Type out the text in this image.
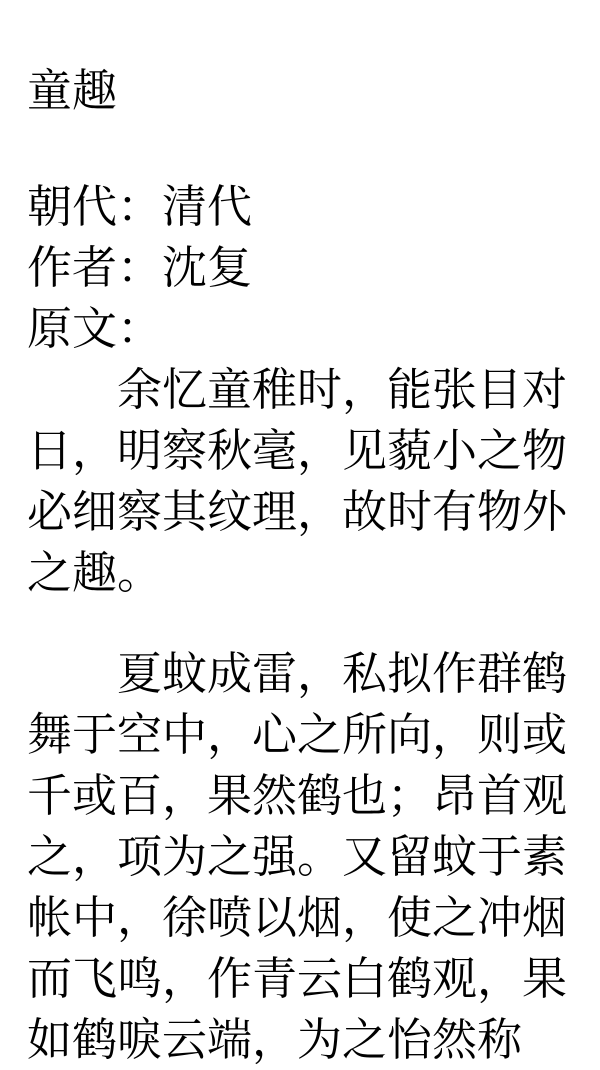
童趣

朝代：清代

作者：沈复

原文：

余忆童稚时，能张目对日，明察秋毫，见藐小之物必细察其纹理，故时有物外之趣。

夏蚊成雷，私拟作群鹤舞于空中，心之所向，则或千或百，果然鹤也；昂首观之，项为之强。又留蚊于素帐中，徐喷以烟，使之冲烟而飞鸣，作青云白鹤观，果如鹤唳云端，为之怡然称
